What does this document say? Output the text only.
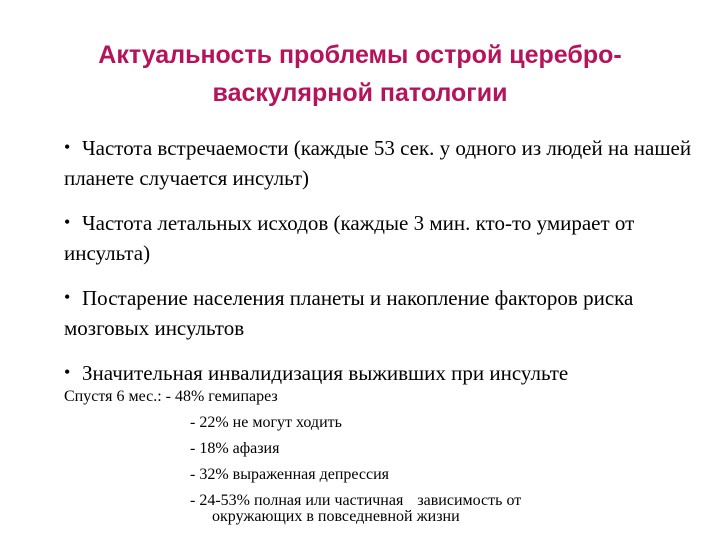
Актуальность проблемы острой церебро-васкулярной патологии
• Частота встречаемости (каждые 53 сек. у одного из людей на нашей планете случается инсульт)
• Частота летальных исходов (каждые 3 мин. кто-то умирает от инсульта)
• Постарение населения планеты и накопление факторов риска мозговых инсультов
• Значительная инвалидизация выживших при инсульте
Спустя 6 мес.: - 48% гемипарез
- 22% не могут ходить
- 18% афазия
- 32% выраженная депрессия
- 24-53% полная или частичная зависимость от
окружающих в повседневной жизни
